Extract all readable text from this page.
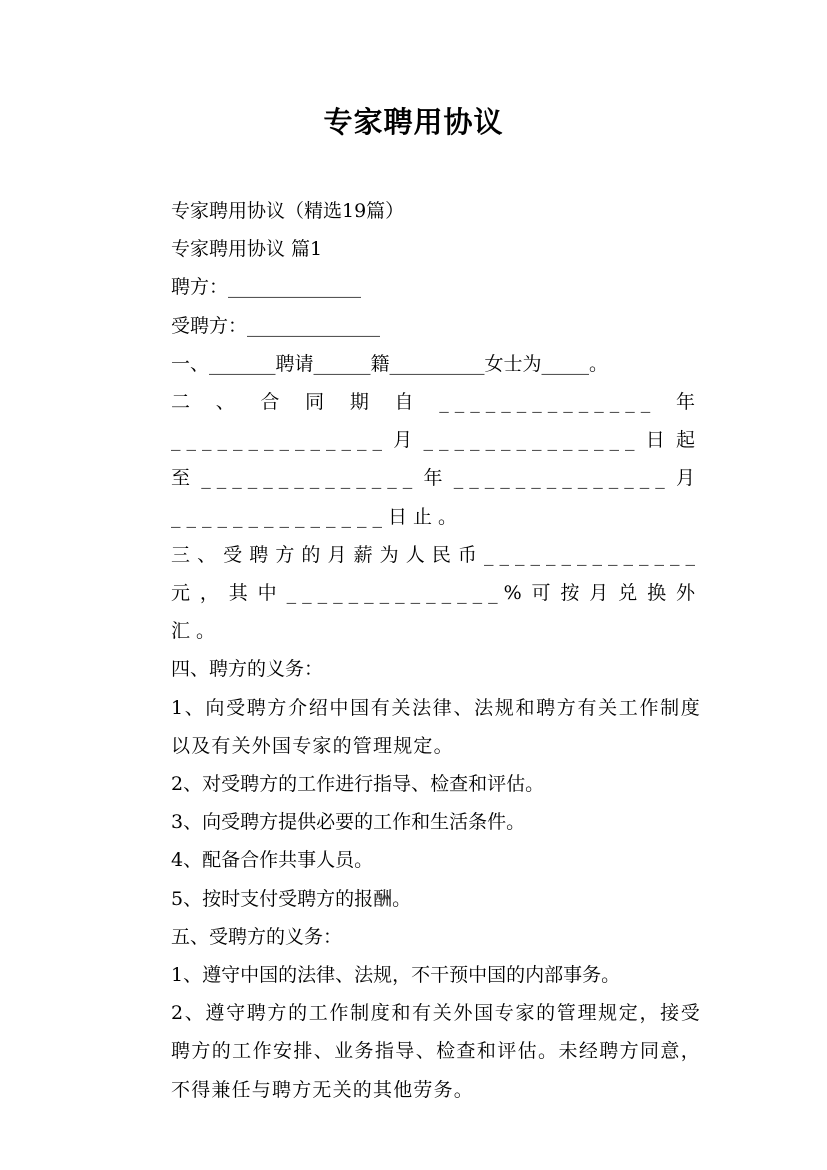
专家聘用协议

专家聘用协议（精选19篇）

专家聘用协议 篇1

聘方：______________

受聘方：______________

一、_______聘请______籍__________女士为_____。

二、合同期自______________年______________月______________日起至______________年______________月______________日止。

三、受聘方的月薪为人民币______________元，其中______________%可按月兑换外汇。

四、聘方的义务：

1、向受聘方介绍中国有关法律、法规和聘方有关工作制度以及有关外国专家的管理规定。

2、对受聘方的工作进行指导、检查和评估。

3、向受聘方提供必要的工作和生活条件。

4、配备合作共事人员。

5、按时支付受聘方的报酬。

五、受聘方的义务：

1、遵守中国的法律、法规，不干预中国的内部事务。

2、遵守聘方的工作制度和有关外国专家的管理规定，接受聘方的工作安排、业务指导、检查和评估。未经聘方同意，不得兼任与聘方无关的其他劳务。
